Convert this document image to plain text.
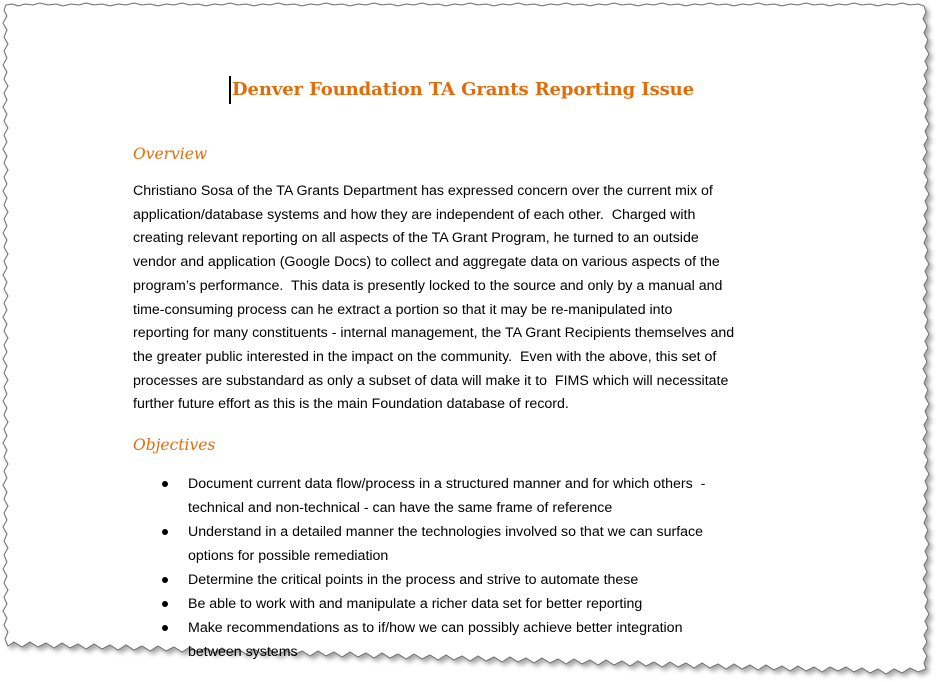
Denver Foundation TA Grants Reporting Issue
Overview

Christiano Sosa of the TA Grants Department has expressed concern over the current mix of
application/database systems and how they are independent of each other.  Charged with
creating relevant reporting on all aspects of the TA Grant Program, he turned to an outside
vendor and application (Google Docs) to collect and aggregate data on various aspects of the
program’s performance.  This data is presently locked to the source and only by a manual and
time-consuming process can he extract a portion so that it may be re-manipulated into
reporting for many constituents - internal management, the TA Grant Recipients themselves and
the greater public interested in the impact on the community.  Even with the above, this set of
processes are substandard as only a subset of data will make it to  FIMS which will necessitate
further future effort as this is the main Foundation database of record.

Objectives
Document current data flow/process in a structured manner and for which others  -
technical and non-technical - can have the same frame of reference
Understand in a detailed manner the technologies involved so that we can surface
options for possible remediation
Determine the critical points in the process and strive to automate these
Be able to work with and manipulate a richer data set for better reporting
Make recommendations as to if/how we can possibly achieve better integration
between systems
